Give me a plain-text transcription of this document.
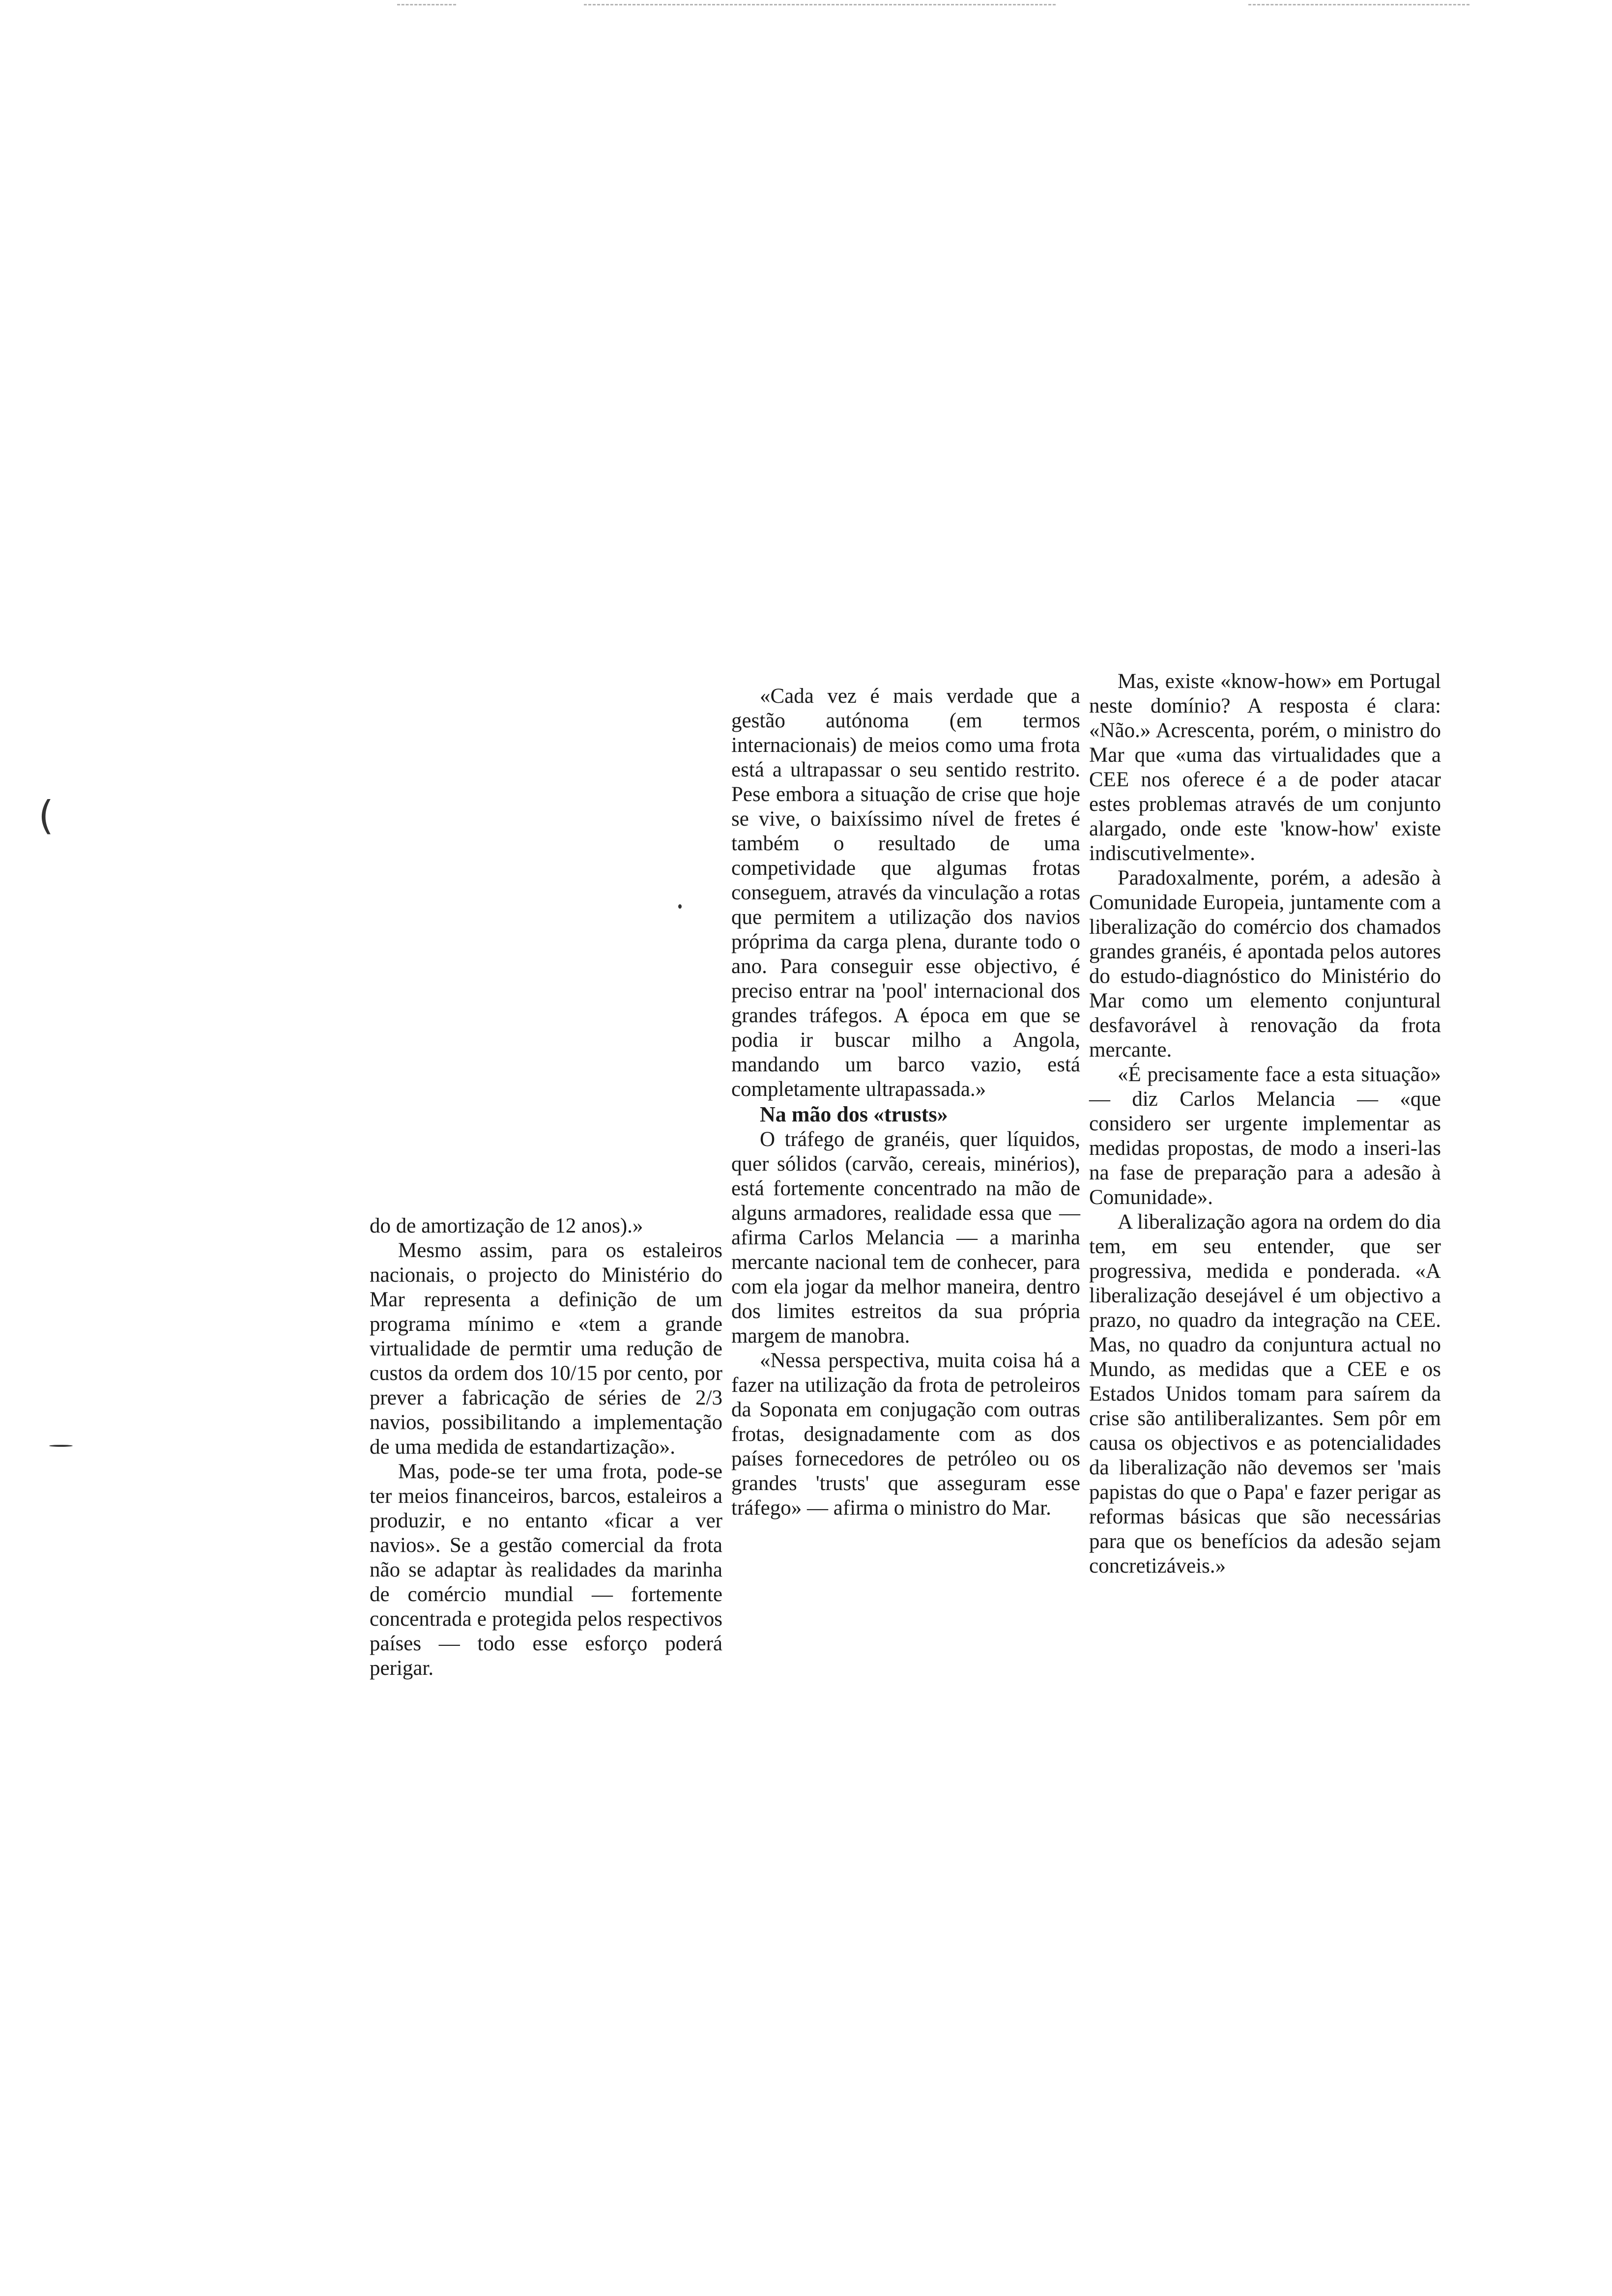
(

do de amortização de 12 anos).»

Mesmo assim, para os estaleiros nacionais, o projecto do Ministério do Mar representa a definição de um programa mínimo e «tem a grande virtualidade de permtir uma redução de custos da ordem dos 10/15 por cento, por prever a fabricação de séries de 2/3 navios, possibilitando a implementação de uma medida de estandartização».

Mas, pode-se ter uma frota, pode-se ter meios financeiros, barcos, estaleiros a produzir, e no entanto «ficar a ver navios». Se a gestão comercial da frota não se adaptar às realidades da marinha de comércio mundial — fortemente concentrada e protegida pelos respectivos países — todo esse esforço poderá perigar.

«Cada vez é mais verdade que a gestão autónoma (em termos internacionais) de meios como uma frota está a ultrapassar o seu sentido restrito. Pese embora a situação de crise que hoje se vive, o baixíssimo nível de fretes é também o resultado de uma competividade que algumas frotas conseguem, através da vinculação a rotas que permitem a utilização dos navios próprima da carga plena, durante todo o ano. Para conseguir esse objectivo, é preciso entrar na 'pool' internacional dos grandes tráfegos. A época em que se podia ir buscar milho a Angola, mandando um barco vazio, está completamente ultrapassada.»

Na mão dos «trusts»

O tráfego de granéis, quer líquidos, quer sólidos (carvão, cereais, minérios), está fortemente concentrado na mão de alguns armadores, realidade essa que — afirma Carlos Melancia — a marinha mercante nacional tem de conhecer, para com ela jogar da melhor maneira, dentro dos limites estreitos da sua própria margem de manobra.

«Nessa perspectiva, muita coisa há a fazer na utilização da frota de petroleiros da Soponata em conjugação com outras frotas, designadamente com as dos países fornecedores de petróleo ou os grandes 'trusts' que asseguram esse tráfego» — afirma o ministro do Mar.

Mas, existe «know-how» em Portugal neste domínio? A resposta é clara: «Não.» Acrescenta, porém, o ministro do Mar que «uma das virtualidades que a CEE nos oferece é a de poder atacar estes problemas através de um conjunto alargado, onde este 'know-how' existe indiscutivelmente».

Paradoxalmente, porém, a adesão à Comunidade Europeia, juntamente com a liberalização do comércio dos chamados grandes granéis, é apontada pelos autores do estudo-diagnóstico do Ministério do Mar como um elemento conjuntural desfavorável à renovação da frota mercante.

«É precisamente face a esta situação» — diz Carlos Melancia — «que considero ser urgente implementar as medidas propostas, de modo a inseri-las na fase de preparação para a adesão à Comunidade».

A liberalização agora na ordem do dia tem, em seu entender, que ser progressiva, medida e ponderada. «A liberalização desejável é um objectivo a prazo, no quadro da integração na CEE. Mas, no quadro da conjuntura actual no Mundo, as medidas que a CEE e os Estados Unidos tomam para saírem da crise são antiliberalizantes. Sem pôr em causa os objectivos e as potencialidades da liberalização não devemos ser 'mais papistas do que o Papa' e fazer perigar as reformas básicas que são necessárias para que os benefícios da adesão sejam concretizáveis.»
